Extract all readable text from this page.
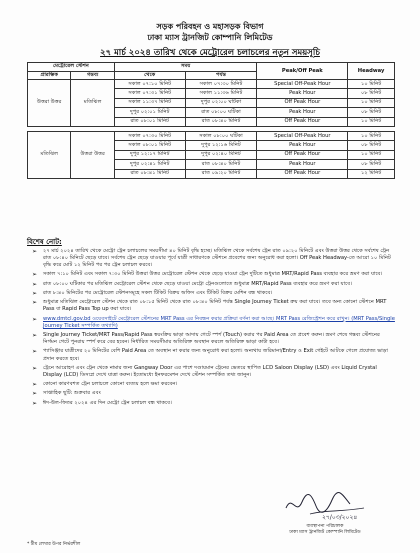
সড়ক পরিবহন ও মহাসড়ক বিভাগ
ঢাকা ম্যাস ট্রানজিট কোম্পানি লিমিটেড
২৭ মার্চ ২০২৪ তারিখ থেকে মেট্রোরেল চলাচলের নতুন সময়সূচি
মেট্রোরেল স্টেশন		সময়		Peak/Off Peak	Headway
প্রারম্ভিক	গন্তব্য	থেকে	পর্যন্ত		
উত্তরা উত্তর	মতিঝিল	সকাল ০৭:১০ মিনিট	সকাল ০৭:৩০ মিনিট	Special Off-Peak Hour	১০ মিনিট
		সকাল ০৭:৩১ মিনিট	সকাল ১১:৩৬ মিনিট	Peak Hour	০৮ মিনিট
		সকাল ১১:৩৭ মিনিট	দুপুর ০২:০০ ঘটিকা	Off Peak Hour	১০ মিনিট
		দুপুর ০২:০১ মিনিট	রাত ০৮:০০ ঘটিকা	Peak Hour	০৮ মিনিট
		রাত ০৮:০১ মিনিট	রাত ০৮:৪০ মিনিট	Off Peak Hour	১০ মিনিট

মতিঝিল	উত্তরা উত্তর	সকাল ০৭:৩০ মিনিট	সকাল ০৮:০০ ঘটিকা	Special Off-Peak Hour	১০ মিনিট
		সকাল ০৮:০১ মিনিট	দুপুর ১২:১৬ মিনিট	Peak Hour	০৮ মিনিট
		দুপুর ১২:১৭ মিনিট	দুপুর ০২:৪০ মিনিট	Off Peak Hour	১০ মিনিট
		দুপুর ০২:৪১ মিনিট	রাত ০৮:৪০ মিনিট	Peak Hour	০৮ মিনিট
		রাত ০৮:৪১ মিনিট	রাত ০৯:২০ মিনিট	Off Peak Hour	১২ মিনিট
বিশেষ নোট:
➢ ২৭ মার্চ ২০২৪ তারিখ থেকে মেট্রো ট্রেন চলাচলের সময়সীমা ৪০ মিনিট বৃদ্ধি হচ্ছে। মতিঝিল থেকে সর্বশেষ ট্রেন রাত ০৯:২০ মিনিটে এবং উত্তরা উত্তর থেকে সর্বশেষ ট্রেন রাত ০৮:৪০ মিনিটে ছেড়ে যাবে। সর্বশেষ ট্রেন ছেড়ে যাওয়ার পূর্বে যাত্রী সাধারণকে স্টেশনে প্রবেশের জন্য অনুরোধ করা হলো। Off Peak Headway-তে আরো ১০ মিনিট বৃদ্ধি করে মোট ১২ মিনিট পর পর ট্রেন চলাচল করবে।
➢ সকাল ৭:১০ মিনিট এবং সকাল ৭:৩০ মিনিট উত্তরা উত্তর মেট্রোরেল স্টেশন থেকে ছেড়ে যাওয়া ট্রেন দুটিতে শুধুমাত্র MRT/Rapid Pass ব্যবহার করে ভ্রমণ করা যাবে।
➢ রাত ০৮:০০ ঘটিকার পর মতিঝিল মেট্রোরেল স্টেশন থেকে ছেড়ে যাওয়া মেট্রো ট্রেনগুলোতে শুধুমাত্র MRT/Rapid Pass ব্যবহার করে ভ্রমণ করা যাবে।
➢ রাত ৮:৪০ মিনিটের পর মেট্রোরেল স্টেশনসমূহে সকল টিকিট বিক্রয় অফিস এবং টিকিট বিক্রয় মেশিন বন্ধ থাকবে।
➢ শুধুমাত্র মতিঝিল মেট্রোরেল স্টেশন থেকে রাত ০৮:১৫ মিনিট থেকে রাত ০৮:৪০ মিনিট পর্যন্ত Single Journey Ticket ক্রয় করা যাবে। তবে অন্য কোনো স্টেশনে MRT Pass বা Rapid Pass Top up করা যাবে।
➢ www.dmtcl.gov.bd ওয়েবসাইটে মেট্রোরেল স্টেশনের MRT Pass এর নিবন্ধন করার প্রক্রিয়া বর্ণনা করা আছে। MRT Pass রেজিস্ট্রেশন করে রাখুন। (MRT Pass/Single Journey Ticket সম্পর্কিত তথ্যাদি)
➢ Single Journey Ticket/MRT Pass/Rapid Pass স্বয়ংক্রিয় ভাড়া আদায় গেটে স্পর্শ (Touch) করার পর Paid Area তে প্রবেশ করুন। ভ্রমণ শেষে গন্তব্য স্টেশনের নির্গমন গেটে পুনরায় স্পর্শ করে বের হবেন। নির্ধারিত সময়সীমার অতিরিক্ত অবস্থান করলে অতিরিক্ত ভাড়া কাটা হবে।
➢ প্যাসিঞ্জার যাত্রীদের ২০ মিনিটের বেশি Paid Area তে অবস্থান না করার জন্য অনুরোধ করা হলো। অন্যথায় জরিমানা/Entry ও Exit গেইটে আটকে গেলে প্রযোজ্য ভাড়া প্রদান করতে হবে।
➢ ট্রেনে আরোহণ এবং ট্রেন থেকে নামার জন্য Gangway Door এর পাশে দণ্ডায়মান ট্রেনের ভেতরে স্থাপিত LCD Saloon Display (LSD) এবং Liquid Crystal Display (LCD) ডিসপ্লে দেখে যাত্রা করুন। ইতোমধ্যে ইনফরমেশন দেখে স্টেশন সম্পর্কিত তথ্য জানুন।
➢ কোনো কারণবশত ট্রেন চলাচলে কোনো ব্যত্যয় হলে ক্ষমা করবেন।
➢ সাপ্তাহিক ছুটি: শুক্রবার এবং
➢ ঈদ-উল-ফিতর ২০২৪ এর দিন মেট্রো ট্রেন চলাচল বন্ধ থাকবে।
২৭/০৩/২০২৪
ব্যবস্থাপনা পরিচালক
ঢাকা ম্যাস ট্রানজিট কোম্পানি লিমিটেড
* টীম লেখার উপর নির্ভরশীল
